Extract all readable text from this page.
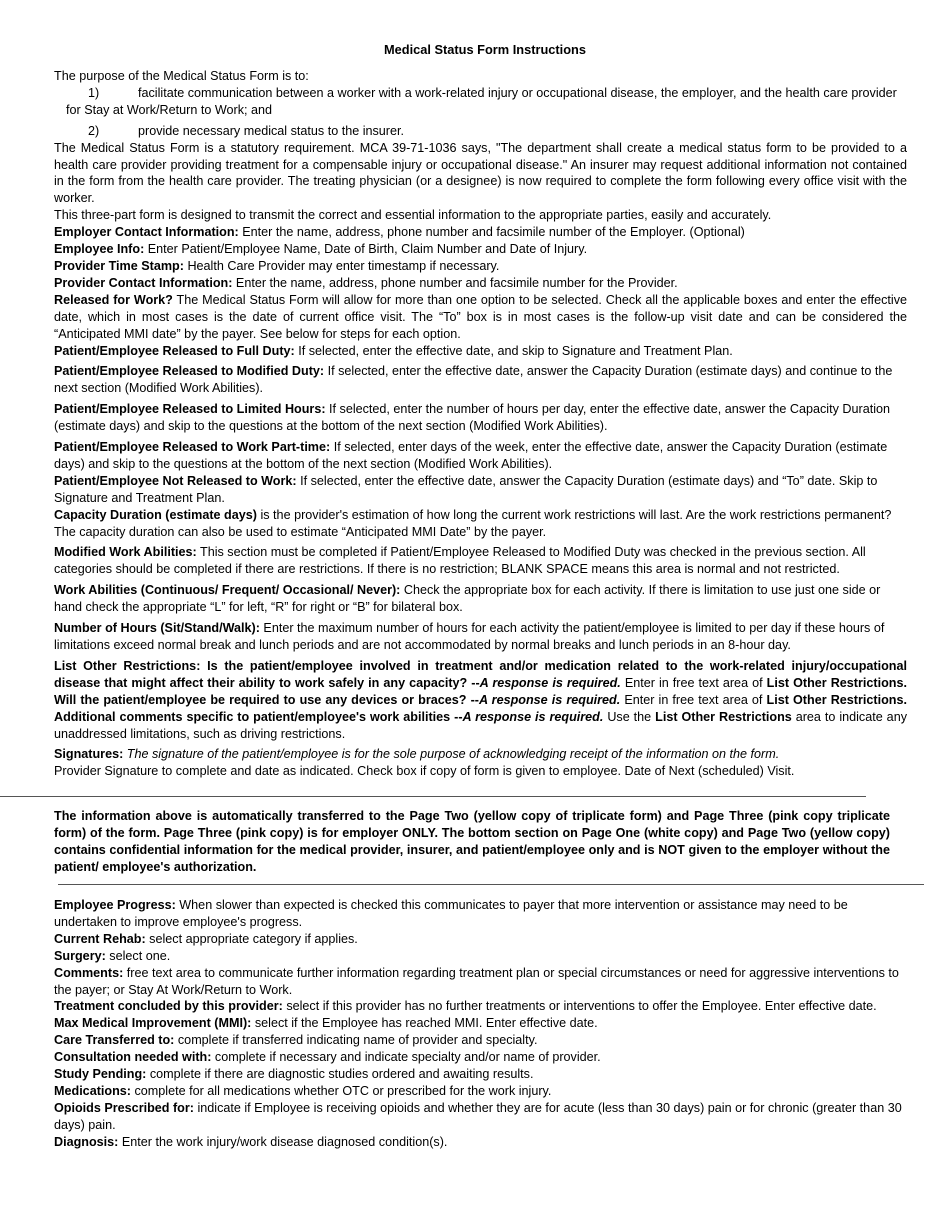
Medical Status Form Instructions

The purpose of the Medical Status Form is to:

1)	facilitate communication between a worker with a work-related injury or occupational disease, the employer, and the health care provider for Stay at Work/Return to Work; and

2)	provide necessary medical status to the insurer.

The Medical Status Form is a statutory requirement. MCA 39-71-1036 says, "The department shall create a medical status form to be provided to a health care provider providing treatment for a compensable injury or occupational disease." An insurer may request additional information not contained in the form from the health care provider. The treating physician (or a designee) is now required to complete the form following every office visit with the worker.

This three-part form is designed to transmit the correct and essential information to the appropriate parties, easily and accurately.

Employer Contact Information: Enter the name, address, phone number and facsimile number of the Employer. (Optional)

Employee Info: Enter Patient/Employee Name, Date of Birth, Claim Number and Date of Injury.

Provider Time Stamp: Health Care Provider may enter timestamp if necessary.

Provider Contact Information: Enter the name, address, phone number and facsimile number for the Provider.

Released for Work? The Medical Status Form will allow for more than one option to be selected. Check all the applicable boxes and enter the effective date, which in most cases is the date of current office visit. The “To” box is in most cases is the follow-up visit date and can be considered the “Anticipated MMI date” by the payer. See below for steps for each option.

Patient/Employee Released to Full Duty: If selected, enter the effective date, and skip to Signature and Treatment Plan.

Patient/Employee Released to Modified Duty: If selected, enter the effective date, answer the Capacity Duration (estimate days) and continue to the next section (Modified Work Abilities).

Patient/Employee Released to Limited Hours: If selected, enter the number of hours per day, enter the effective date, answer the Capacity Duration (estimate days) and skip to the questions at the bottom of the next section (Modified Work Abilities).

Patient/Employee Released to Work Part-time: If selected, enter days of the week, enter the effective date, answer the Capacity Duration (estimate days) and skip to the questions at the bottom of the next section (Modified Work Abilities).

Patient/Employee Not Released to Work: If selected, enter the effective date, answer the Capacity Duration (estimate days) and “To” date. Skip to Signature and Treatment Plan.

Capacity Duration (estimate days) is the provider's estimation of how long the current work restrictions will last. Are the work restrictions permanent? The capacity duration can also be used to estimate “Anticipated MMI Date” by the payer.

Modified Work Abilities: This section must be completed if Patient/Employee Released to Modified Duty was checked in the previous section. All categories should be completed if there are restrictions. If there is no restriction; BLANK SPACE means this area is normal and not restricted.

Work Abilities (Continuous/ Frequent/ Occasional/ Never): Check the appropriate box for each activity. If there is limitation to use just one side or hand check the appropriate “L” for left, “R” for right or “B” for bilateral box.

Number of Hours (Sit/Stand/Walk): Enter the maximum number of hours for each activity the patient/employee is limited to per day if these hours of limitations exceed normal break and lunch periods and are not accommodated by normal breaks and lunch periods in an 8-hour day.

List Other Restrictions: Is the patient/employee involved in treatment and/or medication related to the work-related injury/occupational disease that might affect their ability to work safely in any capacity? --A response is required. Enter in free text area of List Other Restrictions. Will the patient/employee be required to use any devices or braces? --A response is required. Enter in free text area of List Other Restrictions. Additional comments specific to patient/employee's work abilities --A response is required. Use the List Other Restrictions area to indicate any unaddressed limitations, such as driving restrictions.

Signatures: The signature of the patient/employee is for the sole purpose of acknowledging receipt of the information on the form.

Provider Signature to complete and date as indicated. Check box if copy of form is given to employee. Date of Next (scheduled) Visit.

The information above is automatically transferred to the Page Two (yellow copy of triplicate form) and Page Three (pink copy triplicate form) of the form. Page Three (pink copy) is for employer ONLY. The bottom section on Page One (white copy) and Page Two (yellow copy) contains confidential information for the medical provider, insurer, and patient/employee only and is NOT given to the employer without the patient/ employee's authorization.

Employee Progress: When slower than expected is checked this communicates to payer that more intervention or assistance may need to be undertaken to improve employee's progress.

Current Rehab: select appropriate category if applies.

Surgery: select one.

Comments: free text area to communicate further information regarding treatment plan or special circumstances or need for aggressive interventions to the payer; or Stay At Work/Return to Work.

Treatment concluded by this provider: select if this provider has no further treatments or interventions to offer the Employee. Enter effective date.

Max Medical Improvement (MMI): select if the Employee has reached MMI. Enter effective date.

Care Transferred to: complete if transferred indicating name of provider and specialty.

Consultation needed with: complete if necessary and indicate specialty and/or name of provider.

Study Pending: complete if there are diagnostic studies ordered and awaiting results.

Medications: complete for all medications whether OTC or prescribed for the work injury.

Opioids Prescribed for: indicate if Employee is receiving opioids and whether they are for acute (less than 30 days) pain or for chronic (greater than 30 days) pain.

Diagnosis: Enter the work injury/work disease diagnosed condition(s).
